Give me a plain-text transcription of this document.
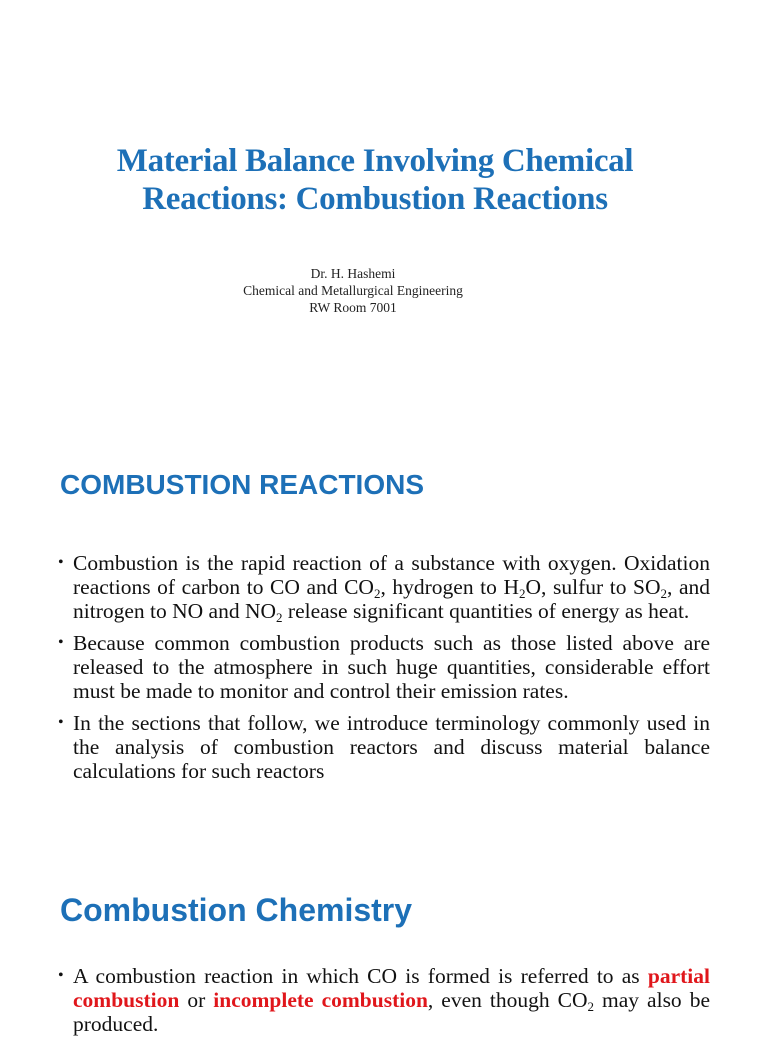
Material Balance Involving Chemical
Reactions: Combustion Reactions
Dr. H. Hashemi
Chemical and Metallurgical Engineering
RW Room 7001
COMBUSTION REACTIONS
• Combustion is the rapid reaction of a substance with oxygen. Oxidation reactions of carbon to CO and $CO_2$, hydrogen to $H_2O$, sulfur to $SO_2$, and nitrogen to NO and $NO_2$ release significant quantities of energy as heat.
• Because common combustion products such as those listed above are released to the atmosphere in such huge quantities, considerable effort must be made to monitor and control their emission rates.
• In the sections that follow, we introduce terminology commonly used in the analysis of combustion reactors and discuss material balance calculations for such reactors
Combustion Chemistry
• A combustion reaction in which CO is formed is referred to as partial combustion or incomplete combustion, even though $CO_2$ may also be produced.
